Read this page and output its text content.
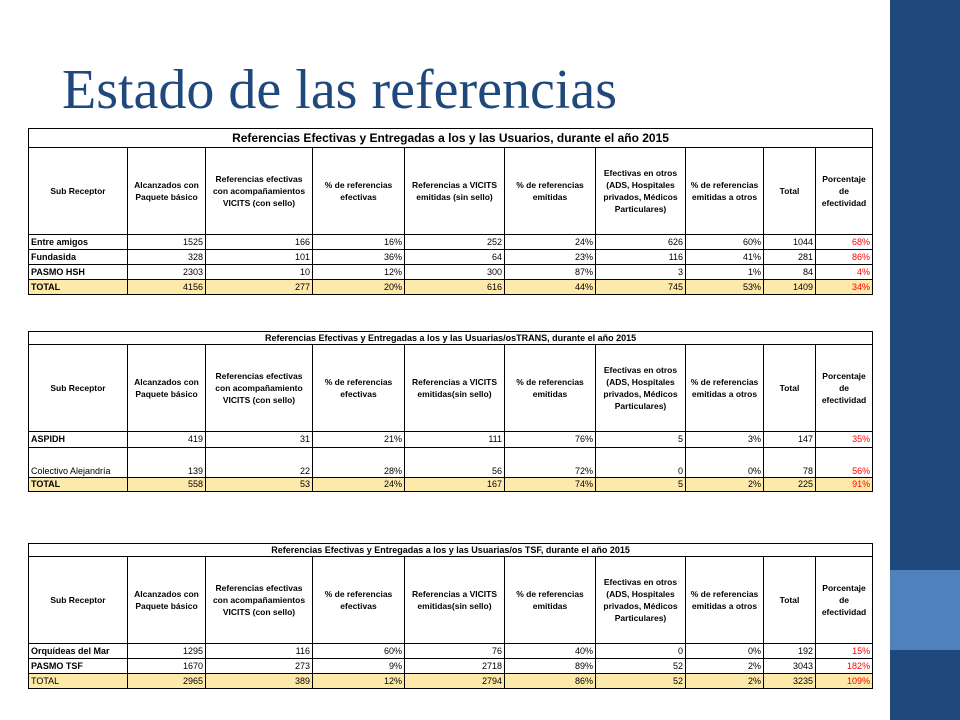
Estado de las referencias
Referencias Efectivas y Entregadas a los y las Usuarios, durante el año 2015									
Sub Receptor	Alcanzados con Paquete básico	Referencias efectivas con acompañamientos VICITS (con sello)	% de referencias efectivas	Referencias a VICITS emitidas (sin sello)	% de referencias emitidas	Efectivas en otros (ADS, Hospitales privados, Médicos Particulares)	% de referencias emitidas a otros	Total	Porcentaje de efectividad
Entre amigos	1525	166	16%	252	24%	626	60%	1044	68%
Fundasida	328	101	36%	64	23%	116	41%	281	86%
PASMO HSH	2303	10	12%	300	87%	3	1%	84	4%
TOTAL	4156	277	20%	616	44%	745	53%	1409	34%
Referencias Efectivas y Entregadas a los y las Usuarias/osTRANS, durante el año 2015									
Sub Receptor	Alcanzados con Paquete básico	Referencias efectivas con acompañamiento VICITS (con sello)	% de referencias efectivas	Referencias a VICITS emitidas(sin sello)	% de referencias emitidas	Efectivas en otros (ADS, Hospitales privados, Médicos Particulares)	% de referencias emitidas a otros	Total	Porcentaje de efectividad
ASPIDH	419	31	21%	111	76%	5	3%	147	35%
Colectivo Alejandría	139	22	28%	56	72%	0	0%	78	56%
TOTAL	558	53	24%	167	74%	5	2%	225	91%
Referencias Efectivas y Entregadas a los y las Usuarias/os TSF, durante el año 2015									
Sub Receptor	Alcanzados con Paquete básico	Referencias efectivas con acompañamientos VICITS (con sello)	% de referencias efectivas	Referencias a VICITS emitidas(sin sello)	% de referencias emitidas	Efectivas en otros (ADS, Hospitales privados, Médicos Particulares)	% de referencias emitidas a otros	Total	Porcentaje de efectividad
Orquídeas del Mar	1295	116	60%	76	40%	0	0%	192	15%
PASMO TSF	1670	273	9%	2718	89%	52	2%	3043	182%
TOTAL	2965	389	12%	2794	86%	52	2%	3235	109%
